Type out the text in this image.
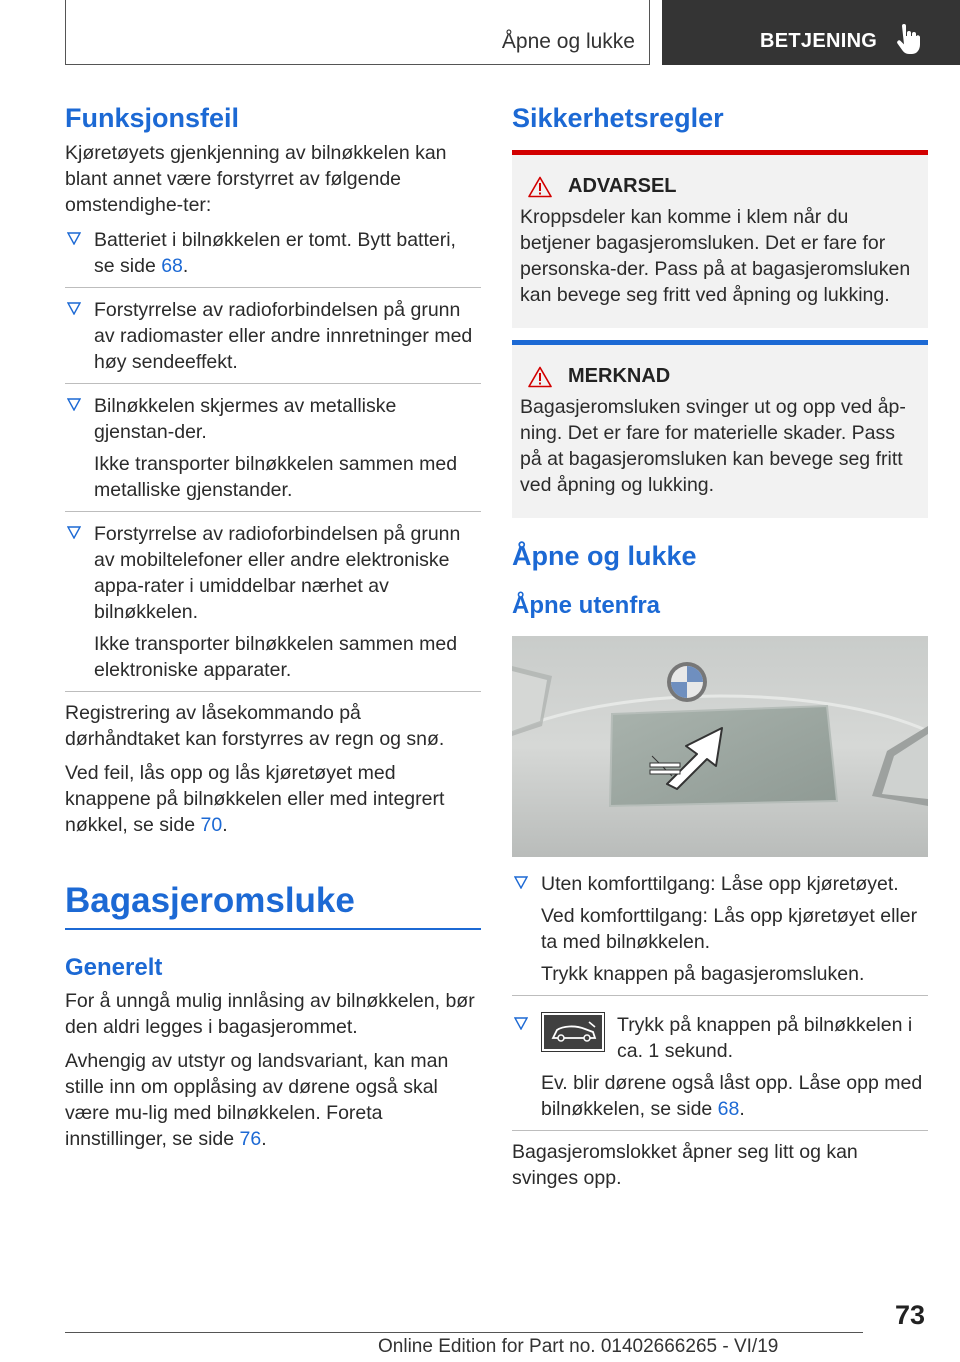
Åpne og lukke	BETJENING
Funksjonsfeil

Kjøretøyets gjenkjenning av bilnøkkelen kan blant annet være forstyrret av følgende omstendighe-ter:

Batteriet i bilnøkkelen er tomt. Bytt batteri, se side 68.

Forstyrrelse av radioforbindelsen på grunn av radiomaster eller andre innretninger med høy sendeeffekt.

Bilnøkkelen skjermes av metalliske gjenstan-der.

Ikke transporter bilnøkkelen sammen med metalliske gjenstander.

Forstyrrelse av radioforbindelsen på grunn av mobiltelefoner eller andre elektroniske appa-rater i umiddelbar nærhet av bilnøkkelen.

Ikke transporter bilnøkkelen sammen med elektroniske apparater.

Registrering av låsekommando på dørhåndtaket kan forstyrres av regn og snø.

Ved feil, lås opp og lås kjøretøyet med knappene på bilnøkkelen eller med integrert nøkkel, se side 70.

Bagasjeromsluke
Generelt

For å unngå mulig innlåsing av bilnøkkelen, bør den aldri legges i bagasjerommet.

Avhengig av utstyr og landsvariant, kan man stille inn om opplåsing av dørene også skal være mu-lig med bilnøkkelen. Foreta innstillinger, se side 76.

Sikkerhetsregler
ADVARSEL

Kroppsdeler kan komme i klem når du betjener bagasjeromsluken. Det er fare for personska-der. Pass på at bagasjeromsluken kan bevege seg fritt ved åpning og lukking.

MERKNAD

Bagasjeromsluken svinger ut og opp ved åp-ning. Det er fare for materielle skader. Pass på at bagasjeromsluken kan bevege seg fritt ved åpning og lukking.

Åpne og lukke
Åpne utenfra

Uten komforttilgang: Låse opp kjøretøyet.

Ved komforttilgang: Lås opp kjøretøyet eller ta med bilnøkkelen.

Trykk knappen på bagasjeromsluken.

Trykk på knappen på bilnøkkelen i ca. 1 sekund.

Ev. blir dørene også låst opp. Låse opp med bilnøkkelen, se side 68.

Bagasjeromslokket åpner seg litt og kan svinges opp.

73
Online Edition for Part no. 01402666265 - VI/19
